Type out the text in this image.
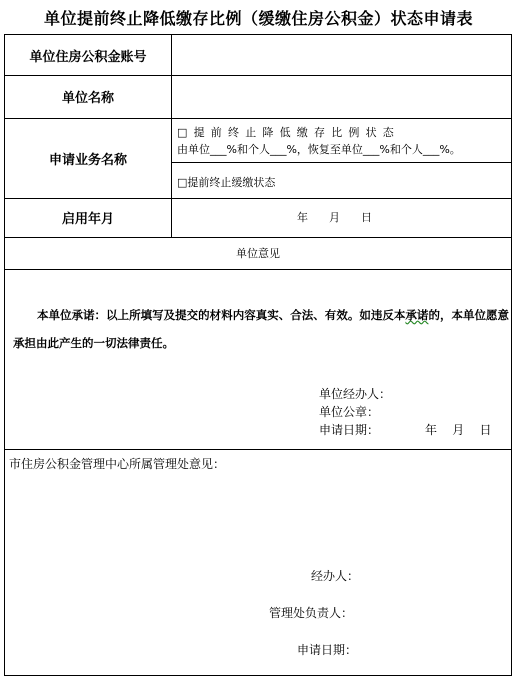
单位提前终止降低缴存比例（缓缴住房公积金）状态申请表
单位住房公积金账号
单位名称
申请业务名称
启用年月
□提前终止降低缴存比例状态
由单位___%和个人___%，恢复至单位___%和个人___%。
□提前终止缓缴状态
年      月      日
单位意见
本单位承诺：以上所填写及提交的材料内容真实、合法、有效。如违反本承诺的，本单位愿意承担由此产生的一切法律责任。
单位经办人：
单位公章：
申请日期：	年    月    日
市住房公积金管理中心所属管理处意见：
经办人：
管理处负责人：
申请日期：
